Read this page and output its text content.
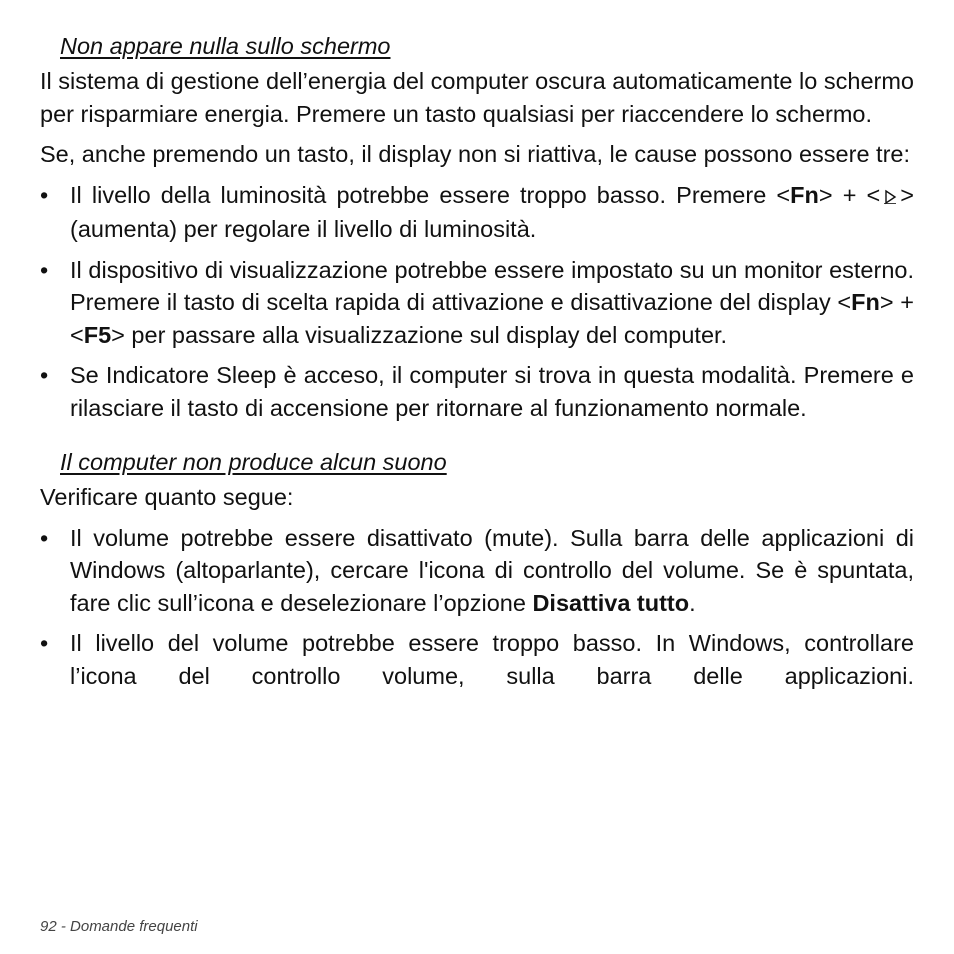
Non appare nulla sullo schermo

Il sistema di gestione dell’energia del computer oscura automaticamente lo schermo per risparmiare energia. Premere un tasto qualsiasi per riaccendere lo schermo.

Se, anche premendo un tasto, il display non si riattiva, le cause possono essere tre:

• Il livello della luminosità potrebbe essere troppo basso. Premere <Fn> + < > (aumenta) per regolare il livello di luminosità.
• Il dispositivo di visualizzazione potrebbe essere impostato su un monitor esterno. Premere il tasto di scelta rapida di attivazione e disattivazione del display <Fn> + <F5> per passare alla visualizzazione sul display del computer.
• Se Indicatore Sleep è acceso, il computer si trova in questa modalità. Premere e rilasciare il tasto di accensione per ritornare al funzionamento normale.
Il computer non produce alcun suono

Verificare quanto segue:

• Il volume potrebbe essere disattivato (mute). Sulla barra delle applicazioni di Windows (altoparlante), cercare l'icona di controllo del volume. Se è spuntata, fare clic sull’icona e deselezionare l’opzione Disattiva tutto.
• Il livello del volume potrebbe essere troppo basso. In Windows, controllare l’icona del controllo volume, sulla barra delle applicazioni.
92 - Domande frequenti
